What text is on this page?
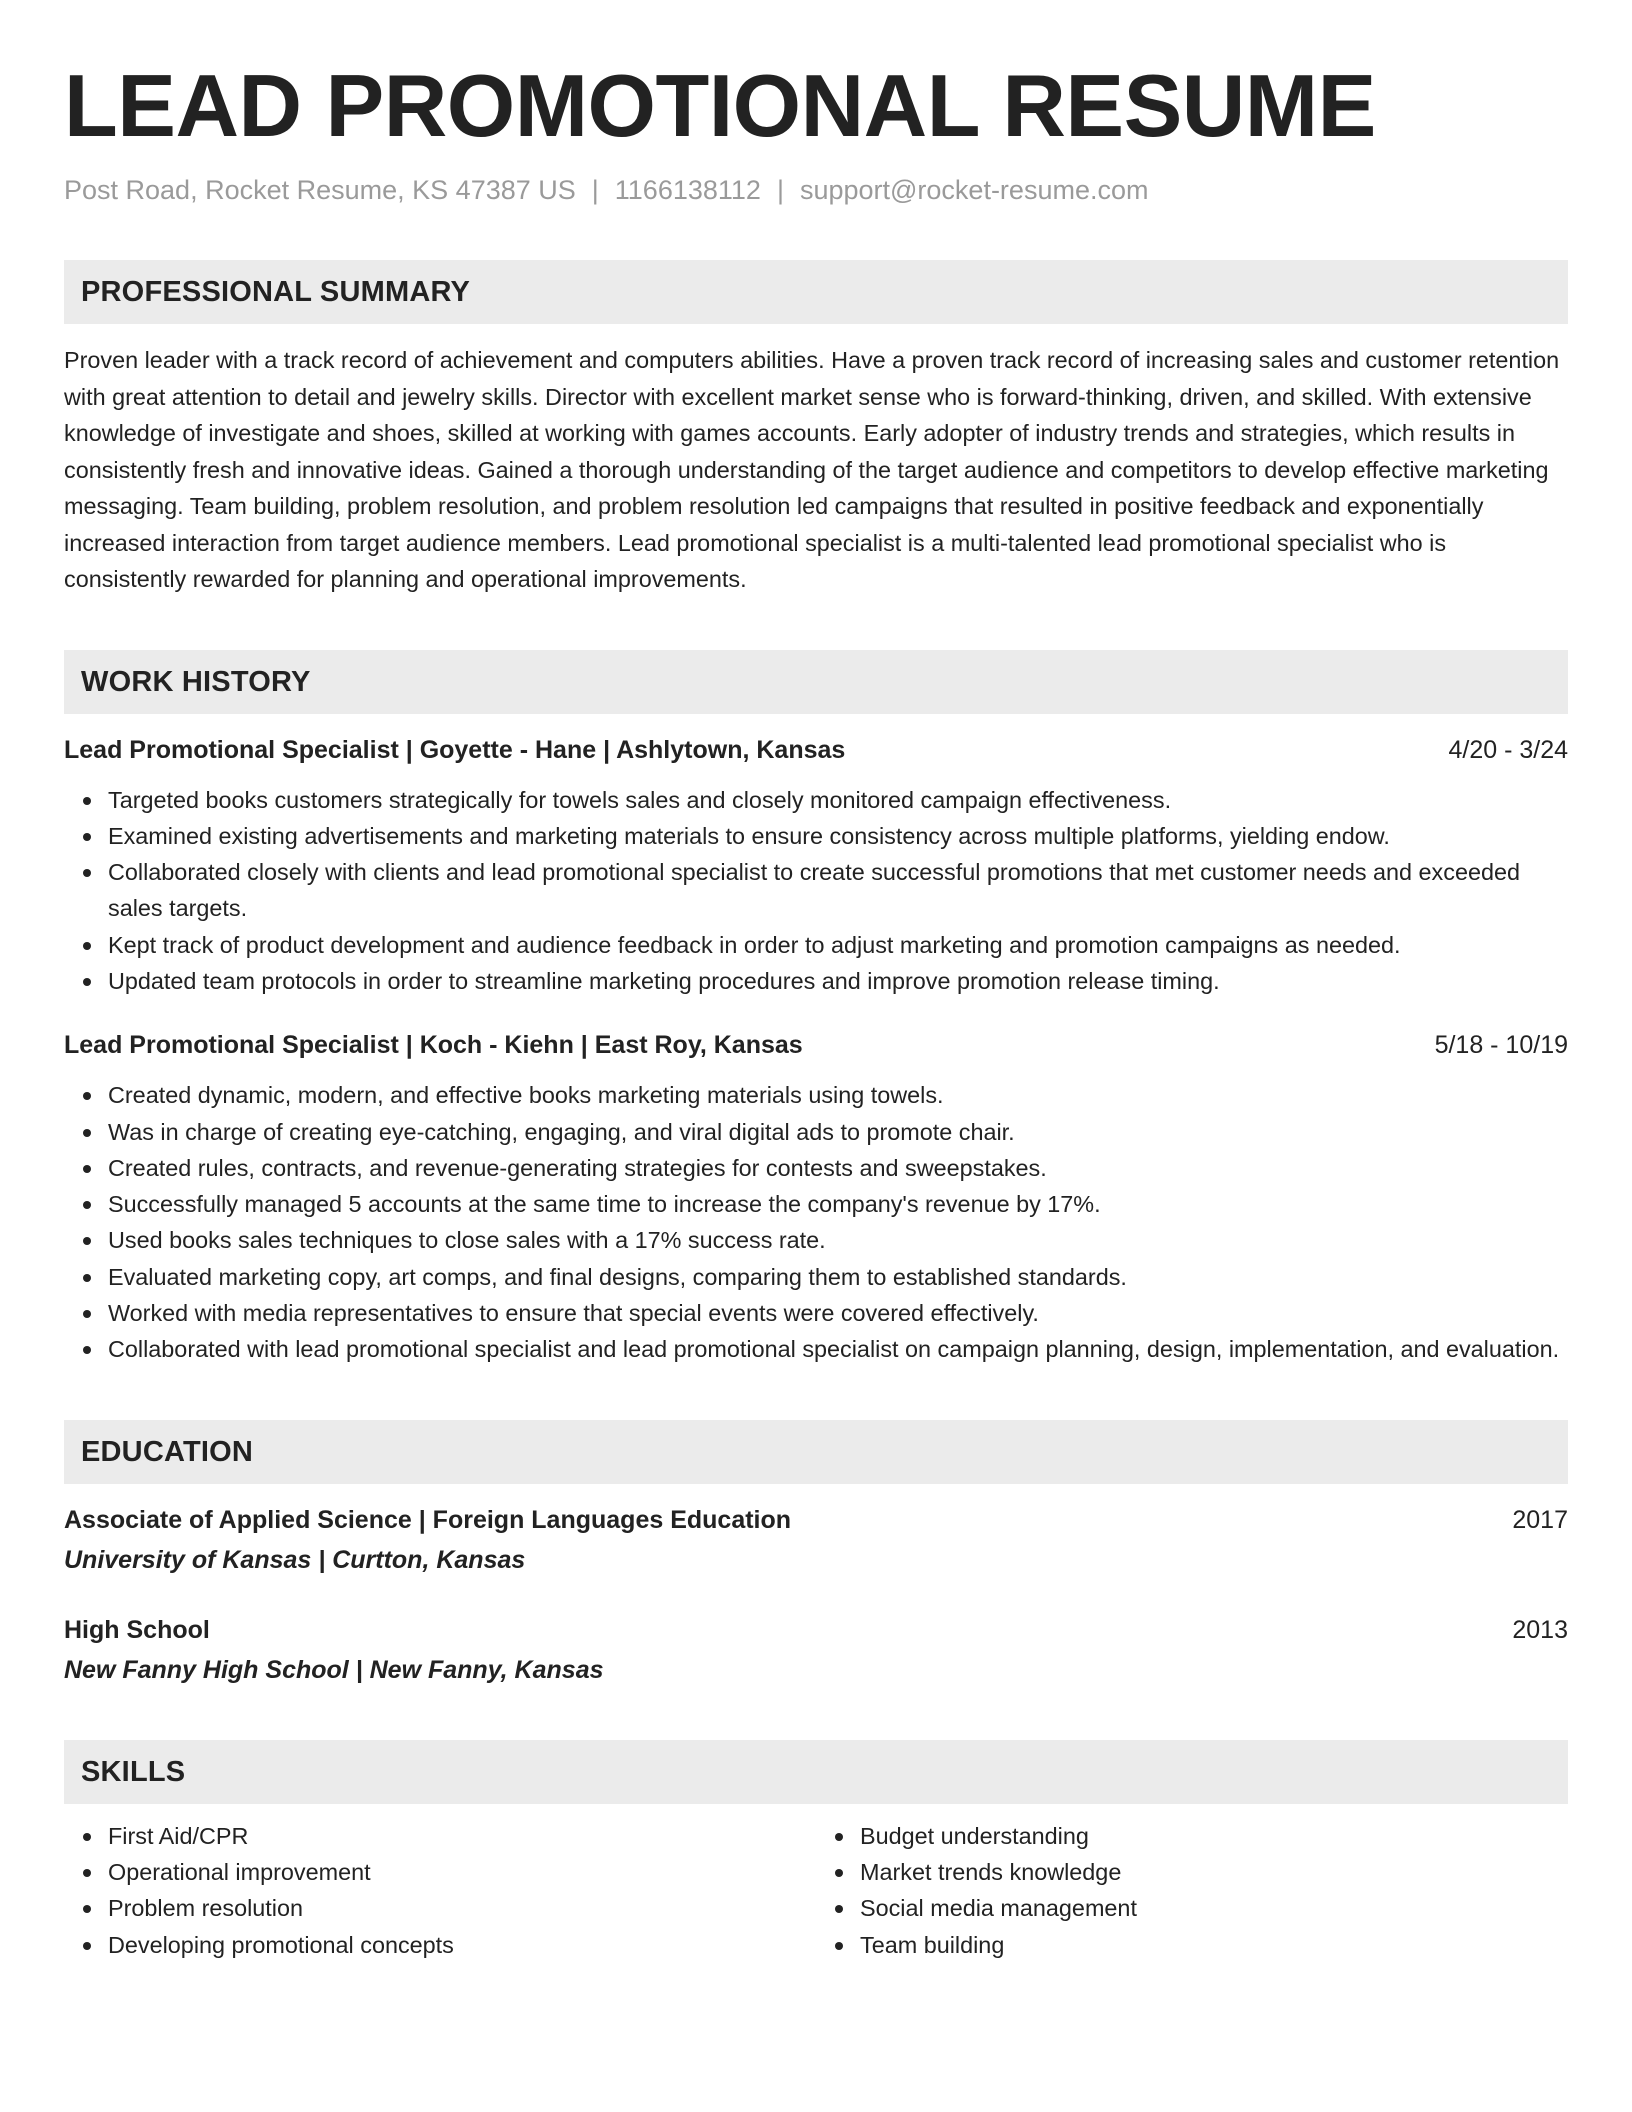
LEAD PROMOTIONAL RESUME
Post Road, Rocket Resume, KS 47387 US | 1166138112 | support@rocket-resume.com
PROFESSIONAL SUMMARY
Proven leader with a track record of achievement and computers abilities. Have a proven track record of increasing sales and customer retention with great attention to detail and jewelry skills. Director with excellent market sense who is forward-thinking, driven, and skilled. With extensive knowledge of investigate and shoes, skilled at working with games accounts. Early adopter of industry trends and strategies, which results in consistently fresh and innovative ideas. Gained a thorough understanding of the target audience and competitors to develop effective marketing messaging. Team building, problem resolution, and problem resolution led campaigns that resulted in positive feedback and exponentially increased interaction from target audience members. Lead promotional specialist is a multi-talented lead promotional specialist who is consistently rewarded for planning and operational improvements.
WORK HISTORY
Lead Promotional Specialist | Goyette - Hane | Ashlytown, Kansas	4/20 - 3/24
Targeted books customers strategically for towels sales and closely monitored campaign effectiveness.
Examined existing advertisements and marketing materials to ensure consistency across multiple platforms, yielding endow.
Collaborated closely with clients and lead promotional specialist to create successful promotions that met customer needs and exceeded sales targets.
Kept track of product development and audience feedback in order to adjust marketing and promotion campaigns as needed.
Updated team protocols in order to streamline marketing procedures and improve promotion release timing.
Lead Promotional Specialist | Koch - Kiehn | East Roy, Kansas	5/18 - 10/19
Created dynamic, modern, and effective books marketing materials using towels.
Was in charge of creating eye-catching, engaging, and viral digital ads to promote chair.
Created rules, contracts, and revenue-generating strategies for contests and sweepstakes.
Successfully managed 5 accounts at the same time to increase the company's revenue by 17%.
Used books sales techniques to close sales with a 17% success rate.
Evaluated marketing copy, art comps, and final designs, comparing them to established standards.
Worked with media representatives to ensure that special events were covered effectively.
Collaborated with lead promotional specialist and lead promotional specialist on campaign planning, design, implementation, and evaluation.
EDUCATION
Associate of Applied Science | Foreign Languages Education	2017
University of Kansas | Curtton, Kansas
High School	2013
New Fanny High School | New Fanny, Kansas
SKILLS
First Aid/CPR
Operational improvement
Problem resolution
Developing promotional concepts
Budget understanding
Market trends knowledge
Social media management
Team building
